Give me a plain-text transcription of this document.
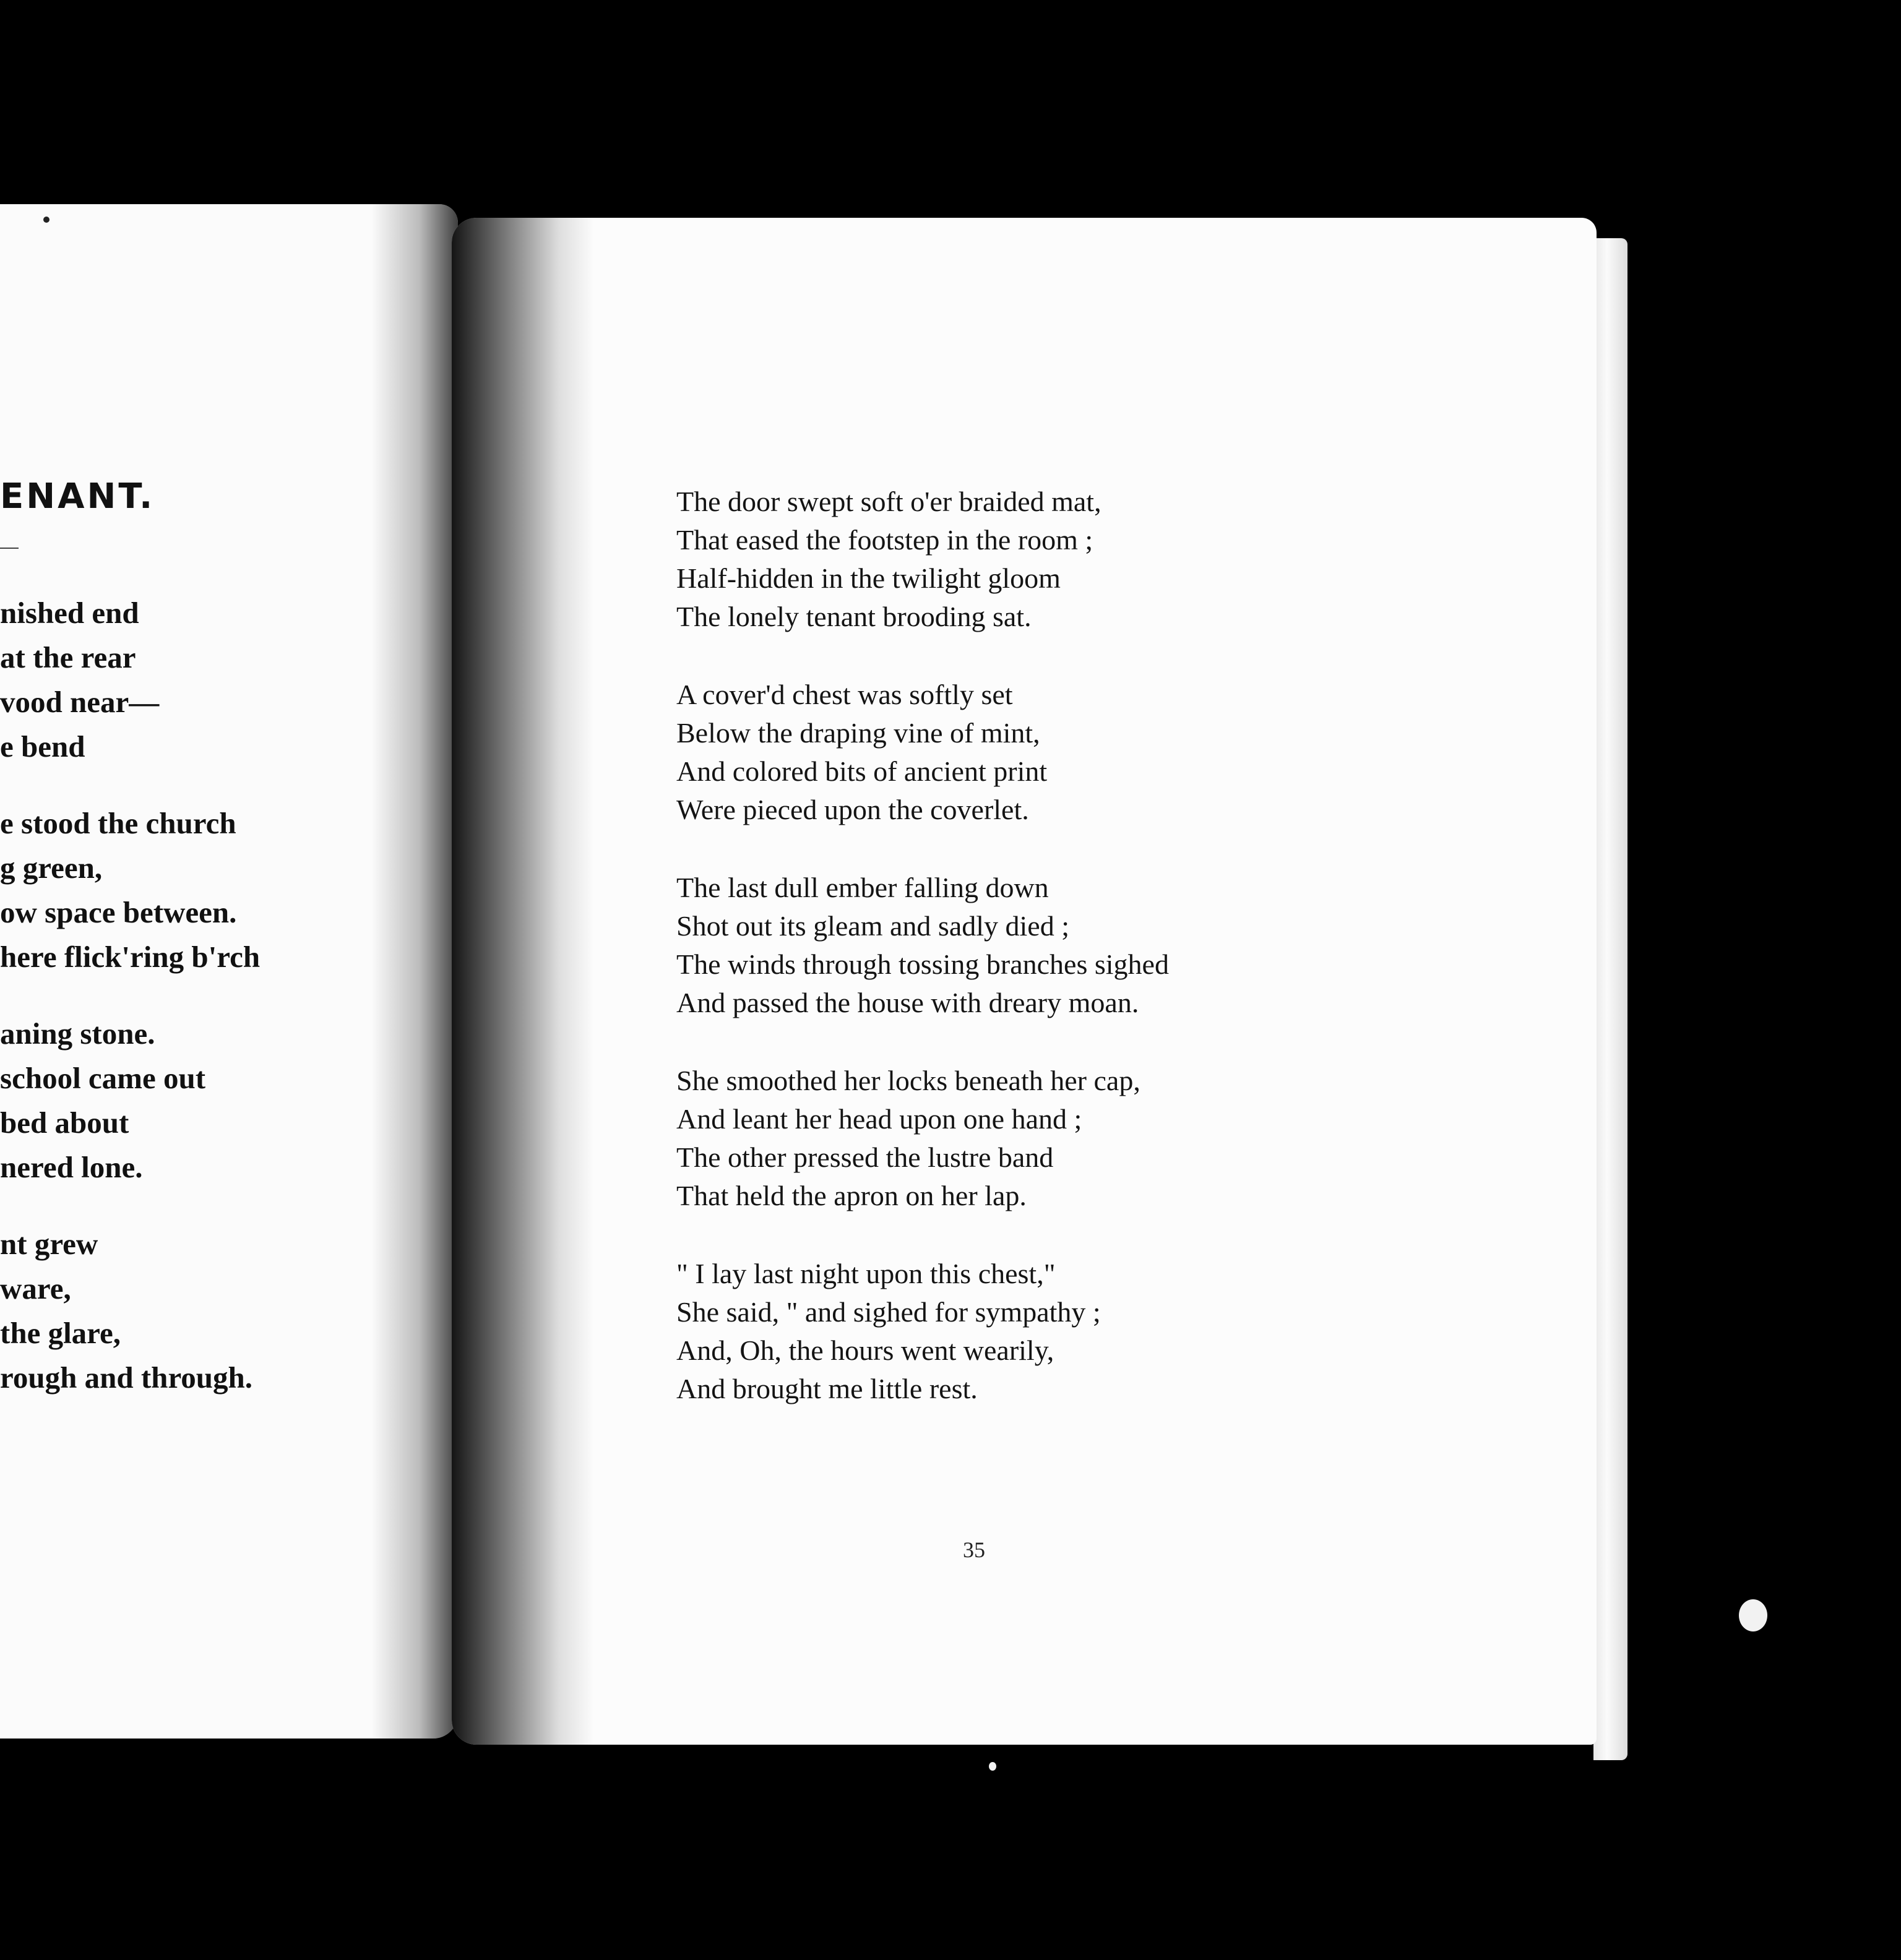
ENANT.

nished end
at the rear
vood near—
e bend

e stood the church
g green,
ow space between.
here flick'ring b'rch

aning stone.
school came out
bed about
nered lone.

nt grew
ware,
the glare,
rough and through.

The door swept soft o'er braided mat,
That eased the footstep in the room ;
Half-hidden in the twilight gloom
The lonely tenant brooding sat.

A cover'd chest was softly set
Below the draping vine of mint,
And colored bits of ancient print
Were pieced upon the coverlet.

The last dull ember falling down
Shot out its gleam and sadly died ;
The winds through tossing branches sighed
And passed the house with dreary moan.

She smoothed her locks beneath her cap,
And leant her head upon one hand ;
The other pressed the lustre band
That held the apron on her lap.

" I lay last night upon this chest,"
She said, " and sighed for sympathy ;
And, Oh, the hours went wearily,
And brought me little rest.

35
